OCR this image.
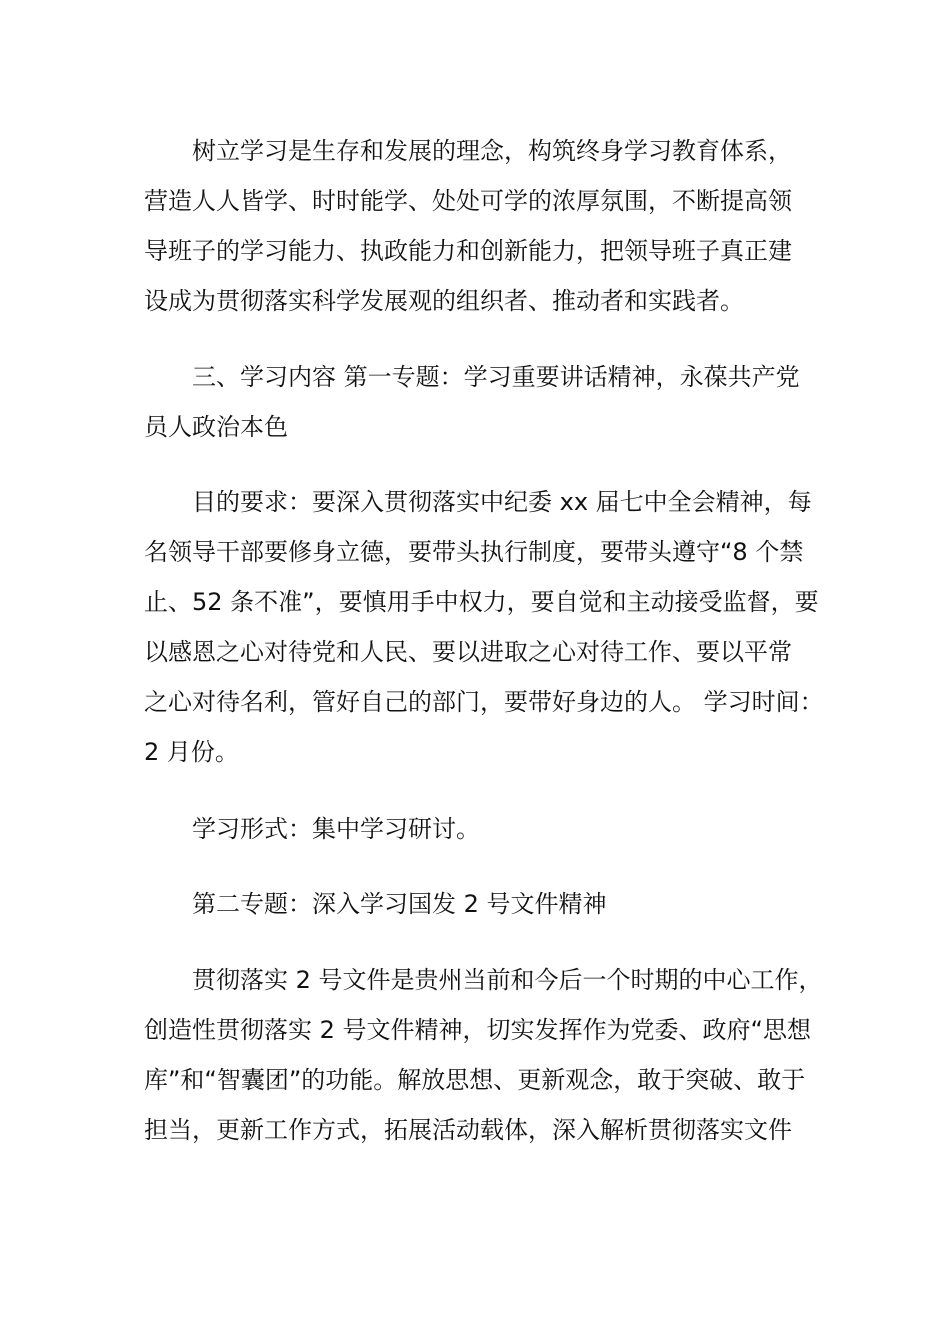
树立学习是生存和发展的理念，构筑终身学习教育体系，
营造人人皆学、时时能学、处处可学的浓厚氛围，不断提高领
导班子的学习能力、执政能力和创新能力，把领导班子真正建
设成为贯彻落实科学发展观的组织者、推动者和实践者。
三、学习内容 第一专题：学习重要讲话精神，永葆共产党
员人政治本色
目的要求：要深入贯彻落实中纪委 xx 届七中全会精神，每
名领导干部要修身立德，要带头执行制度，要带头遵守“8 个禁
止、52 条不准”，要慎用手中权力，要自觉和主动接受监督，要
以感恩之心对待党和人民、要以进取之心对待工作、要以平常
之心对待名利，管好自己的部门，要带好身边的人。 学习时间：
2 月份。
学习形式：集中学习研讨。
第二专题：深入学习国发 2 号文件精神
贯彻落实 2 号文件是贵州当前和今后一个时期的中心工作，
创造性贯彻落实 2 号文件精神，切实发挥作为党委、政府“思想
库”和“智囊团”的功能。解放思想、更新观念，敢于突破、敢于
担当，更新工作方式，拓展活动载体，深入解析贯彻落实文件
